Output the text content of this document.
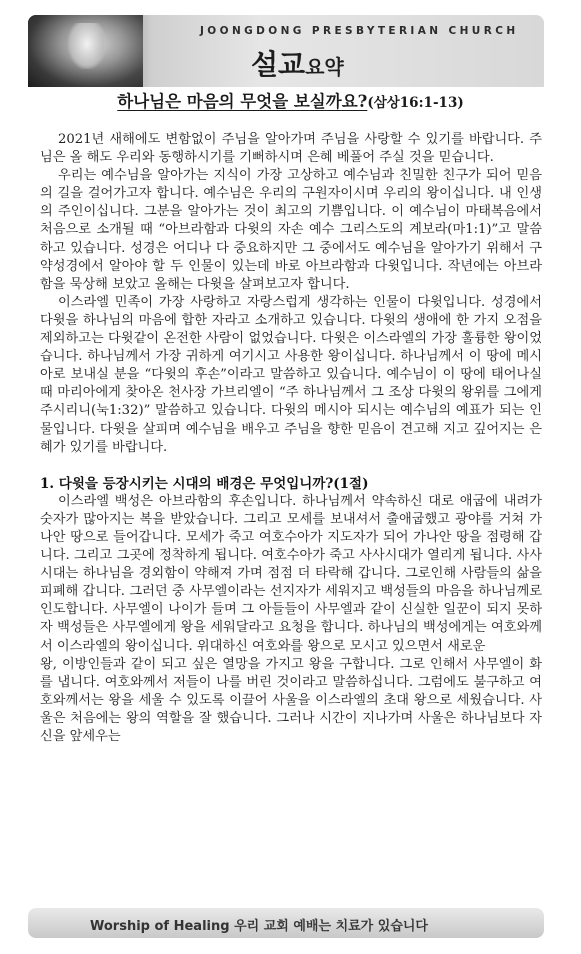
JOONGDONG PRESBYTERIAN CHURCH
설교요약
하나님은 마음의 무엇을 보실까요?(삼상16:1-13)

2021년 새해에도 변함없이 주님을 알아가며 주님을 사랑할 수 있기를 바랍니다. 주님은 올 해도 우리와 동행하시기를 기뻐하시며 은혜 베풀어 주실 것을 믿습니다.

우리는 예수님을 알아가는 지식이 가장 고상하고 예수님과 친밀한 친구가 되어 믿음의 길을 걸어가고자 합니다. 예수님은 우리의 구원자이시며 우리의 왕이십니다. 내 인생의 주인이십니다. 그분을 알아가는 것이 최고의 기쁨입니다. 이 예수님이 마태복음에서 처음으로 소개될 때 “아브라함과 다윗의 자손 예수 그리스도의 계보라(마1:1)”고 말씀하고 있습니다. 성경은 어디나 다 중요하지만 그 중에서도 예수님을 알아가기 위해서 구약성경에서 알아야 할 두 인물이 있는데 바로 아브라함과 다윗입니다. 작년에는 아브라함을 묵상해 보았고 올해는 다윗을 살펴보고자 합니다.

이스라엘 민족이 가장 사랑하고 자랑스럽게 생각하는 인물이 다윗입니다. 성경에서 다윗을 하나님의 마음에 합한 자라고 소개하고 있습니다. 다윗의 생애에 한 가지 오점을 제외하고는 다윗같이 온전한 사람이 없었습니다. 다윗은 이스라엘의 가장 훌륭한 왕이었습니다. 하나님께서 가장 귀하게 여기시고 사용한 왕이십니다. 하나님께서 이 땅에 메시아로 보내실 분을 “다윗의 후손”이라고 말씀하고 있습니다. 예수님이 이 땅에 태어나실 때 마리아에게 찾아온 천사장 가브리엘이 “주 하나님께서 그 조상 다윗의 왕위를 그에게 주시리니(눅1:32)” 말씀하고 있습니다. 다윗의 메시아 되시는 예수님의 예표가 되는 인물입니다. 다윗을 살피며 예수님을 배우고 주님을 향한 믿음이 견고해 지고 깊어지는 은혜가 있기를 바랍니다.

1. 다윗을 등장시키는 시대의 배경은 무엇입니까?(1절)

이스라엘 백성은 아브라함의 후손입니다. 하나님께서 약속하신 대로 애굽에 내려가 숫자가 많아지는 복을 받았습니다. 그리고 모세를 보내셔서 출애굽했고 광야를 거쳐 가나안 땅으로 들어갑니다. 모세가 죽고 여호수아가 지도자가 되어 가나안 땅을 점령해 갑니다. 그리고 그곳에 정착하게 됩니다. 여호수아가 죽고 사사시대가 열리게 됩니다. 사사시대는 하나님을 경외함이 약해져 가며 점점 더 타락해 갑니다. 그로인해 사람들의 삶을 피폐해 갑니다. 그러던 중 사무엘이라는 선지자가 세워지고 백성들의 마음을 하나님께로 인도합니다. 사무엘이 나이가 들며 그 아들들이 사무엘과 같이 신실한 일꾼이 되지 못하자 백성들은 사무엘에게 왕을 세워달라고 요청을 합니다. 하나님의 백성에게는 여호와께서 이스라엘의 왕이십니다. 위대하신 여호와를 왕으로 모시고 있으면서 새로운

왕, 이방인들과 같이 되고 싶은 열망을 가지고 왕을 구합니다. 그로 인해서 사무엘이 화를 냅니다. 여호와께서 저들이 나를 버린 것이라고 말씀하십니다. 그럼에도 불구하고 여호와께서는 왕을 세울 수 있도록 이끌어 사울을 이스라엘의 초대 왕으로 세웠습니다. 사울은 처음에는 왕의 역할을 잘 했습니다. 그러나 시간이 지나가며 사울은 하나님보다 자신을 앞세우는

Worship of Healing 우리 교회 예배는 치료가 있습니다
